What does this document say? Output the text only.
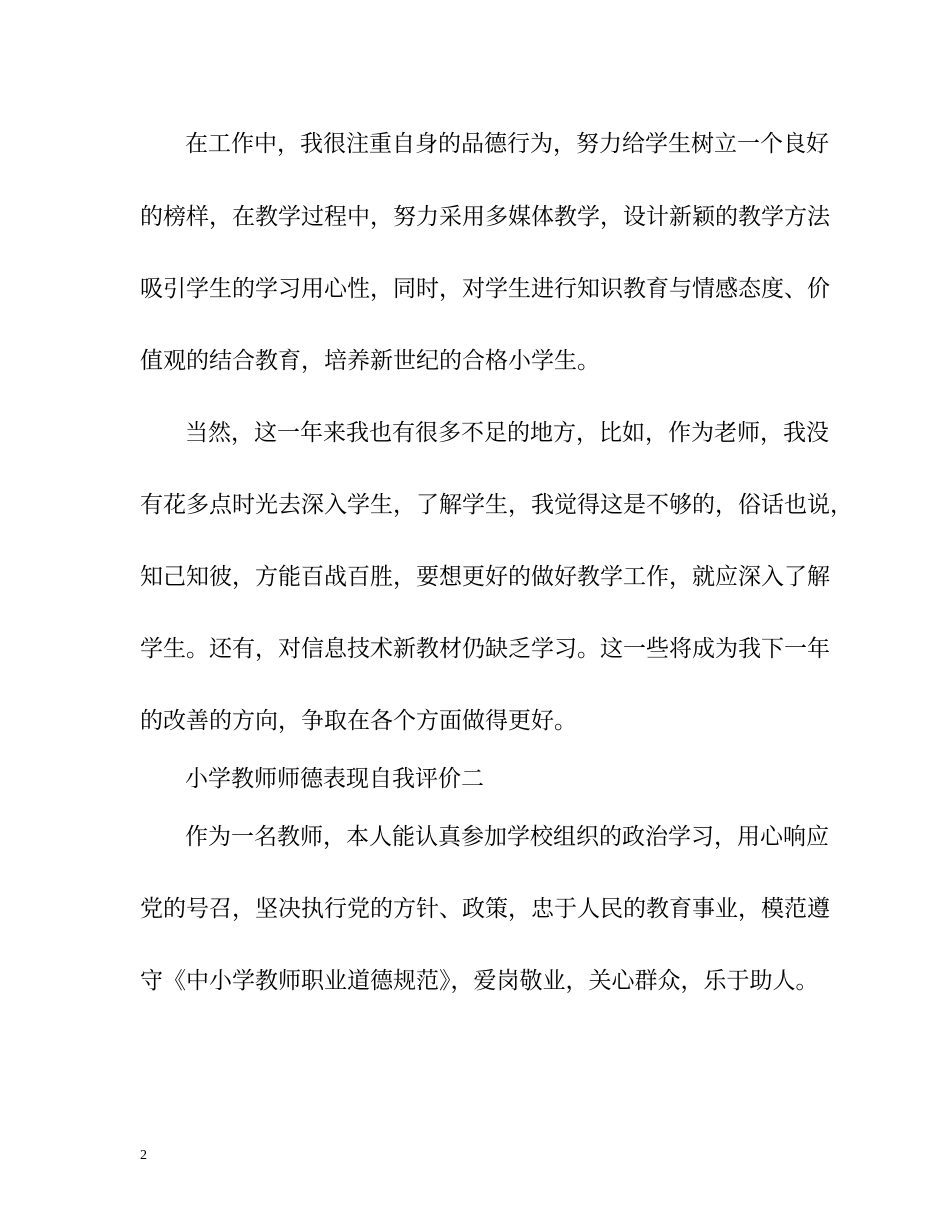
在工作中，我很注重自身的品德行为，努力给学生树立一个良好
的榜样，在教学过程中，努力采用多媒体教学，设计新颖的教学方法
吸引学生的学习用心性，同时，对学生进行知识教育与情感态度、价
值观的结合教育，培养新世纪的合格小学生。
当然，这一年来我也有很多不足的地方，比如，作为老师，我没
有花多点时光去深入学生，了解学生，我觉得这是不够的，俗话也说，
知己知彼，方能百战百胜，要想更好的做好教学工作，就应深入了解
学生。还有，对信息技术新教材仍缺乏学习。这一些将成为我下一年
的改善的方向，争取在各个方面做得更好。
小学教师师德表现自我评价二
作为一名教师，本人能认真参加学校组织的政治学习，用心响应
党的号召，坚决执行党的方针、政策，忠于人民的教育事业，模范遵
守《中小学教师职业道德规范》，爱岗敬业，关心群众，乐于助人。
2
